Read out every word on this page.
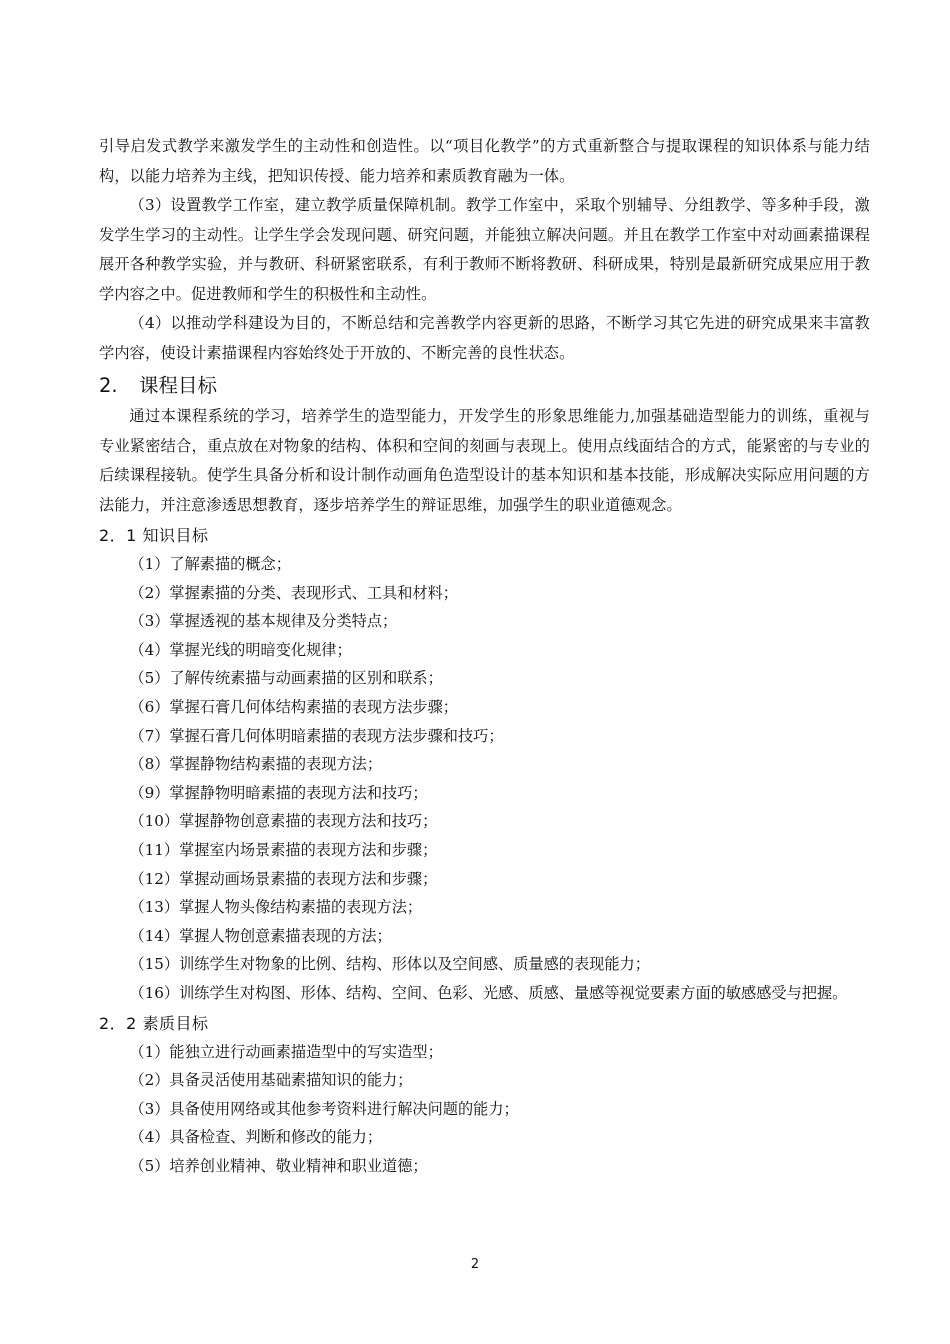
引导启发式教学来激发学生的主动性和创造性。以“项目化教学”的方式重新整合与提取课程的知识体系与能力结构，以能力培养为主线，把知识传授、能力培养和素质教育融为一体。

（3）设置教学工作室，建立教学质量保障机制。教学工作室中，采取个别辅导、分组教学、等多种手段，激发学生学习的主动性。让学生学会发现问题、研究问题，并能独立解决问题。并且在教学工作室中对动画素描课程展开各种教学实验，并与教研、科研紧密联系，有利于教师不断将教研、科研成果，特别是最新研究成果应用于教学内容之中。促进教师和学生的积极性和主动性。

（4）以推动学科建设为目的，不断总结和完善教学内容更新的思路，不断学习其它先进的研究成果来丰富教学内容，使设计素描课程内容始终处于开放的、不断完善的良性状态。

2. 课程目标

通过本课程系统的学习，培养学生的造型能力，开发学生的形象思维能力,加强基础造型能力的训练，重视与专业紧密结合，重点放在对物象的结构、体积和空间的刻画与表现上。使用点线面结合的方式，能紧密的与专业的后续课程接轨。使学生具备分析和设计制作动画角色造型设计的基本知识和基本技能，形成解决实际应用问题的方法能力，并注意渗透思想教育，逐步培养学生的辩证思维，加强学生的职业道德观念。

2．1 知识目标
（1）了解素描的概念；
（2）掌握素描的分类、表现形式、工具和材料；
（3）掌握透视的基本规律及分类特点；
（4）掌握光线的明暗变化规律；
（5）了解传统素描与动画素描的区别和联系；
（6）掌握石膏几何体结构素描的表现方法步骤；
（7）掌握石膏几何体明暗素描的表现方法步骤和技巧；
（8）掌握静物结构素描的表现方法；
（9）掌握静物明暗素描的表现方法和技巧；
（10）掌握静物创意素描的表现方法和技巧；
（11）掌握室内场景素描的表现方法和步骤；
（12）掌握动画场景素描的表现方法和步骤；
（13）掌握人物头像结构素描的表现方法；
（14）掌握人物创意素描表现的方法；
（15）训练学生对物象的比例、结构、形体以及空间感、质量感的表现能力；
（16）训练学生对构图、形体、结构、空间、色彩、光感、质感、量感等视觉要素方面的敏感感受与把握。
2．2 素质目标
（1）能独立进行动画素描造型中的写实造型；
（2）具备灵活使用基础素描知识的能力；
（3）具备使用网络或其他参考资料进行解决问题的能力；
（4）具备检查、判断和修改的能力；
（5）培养创业精神、敬业精神和职业道德；
2
